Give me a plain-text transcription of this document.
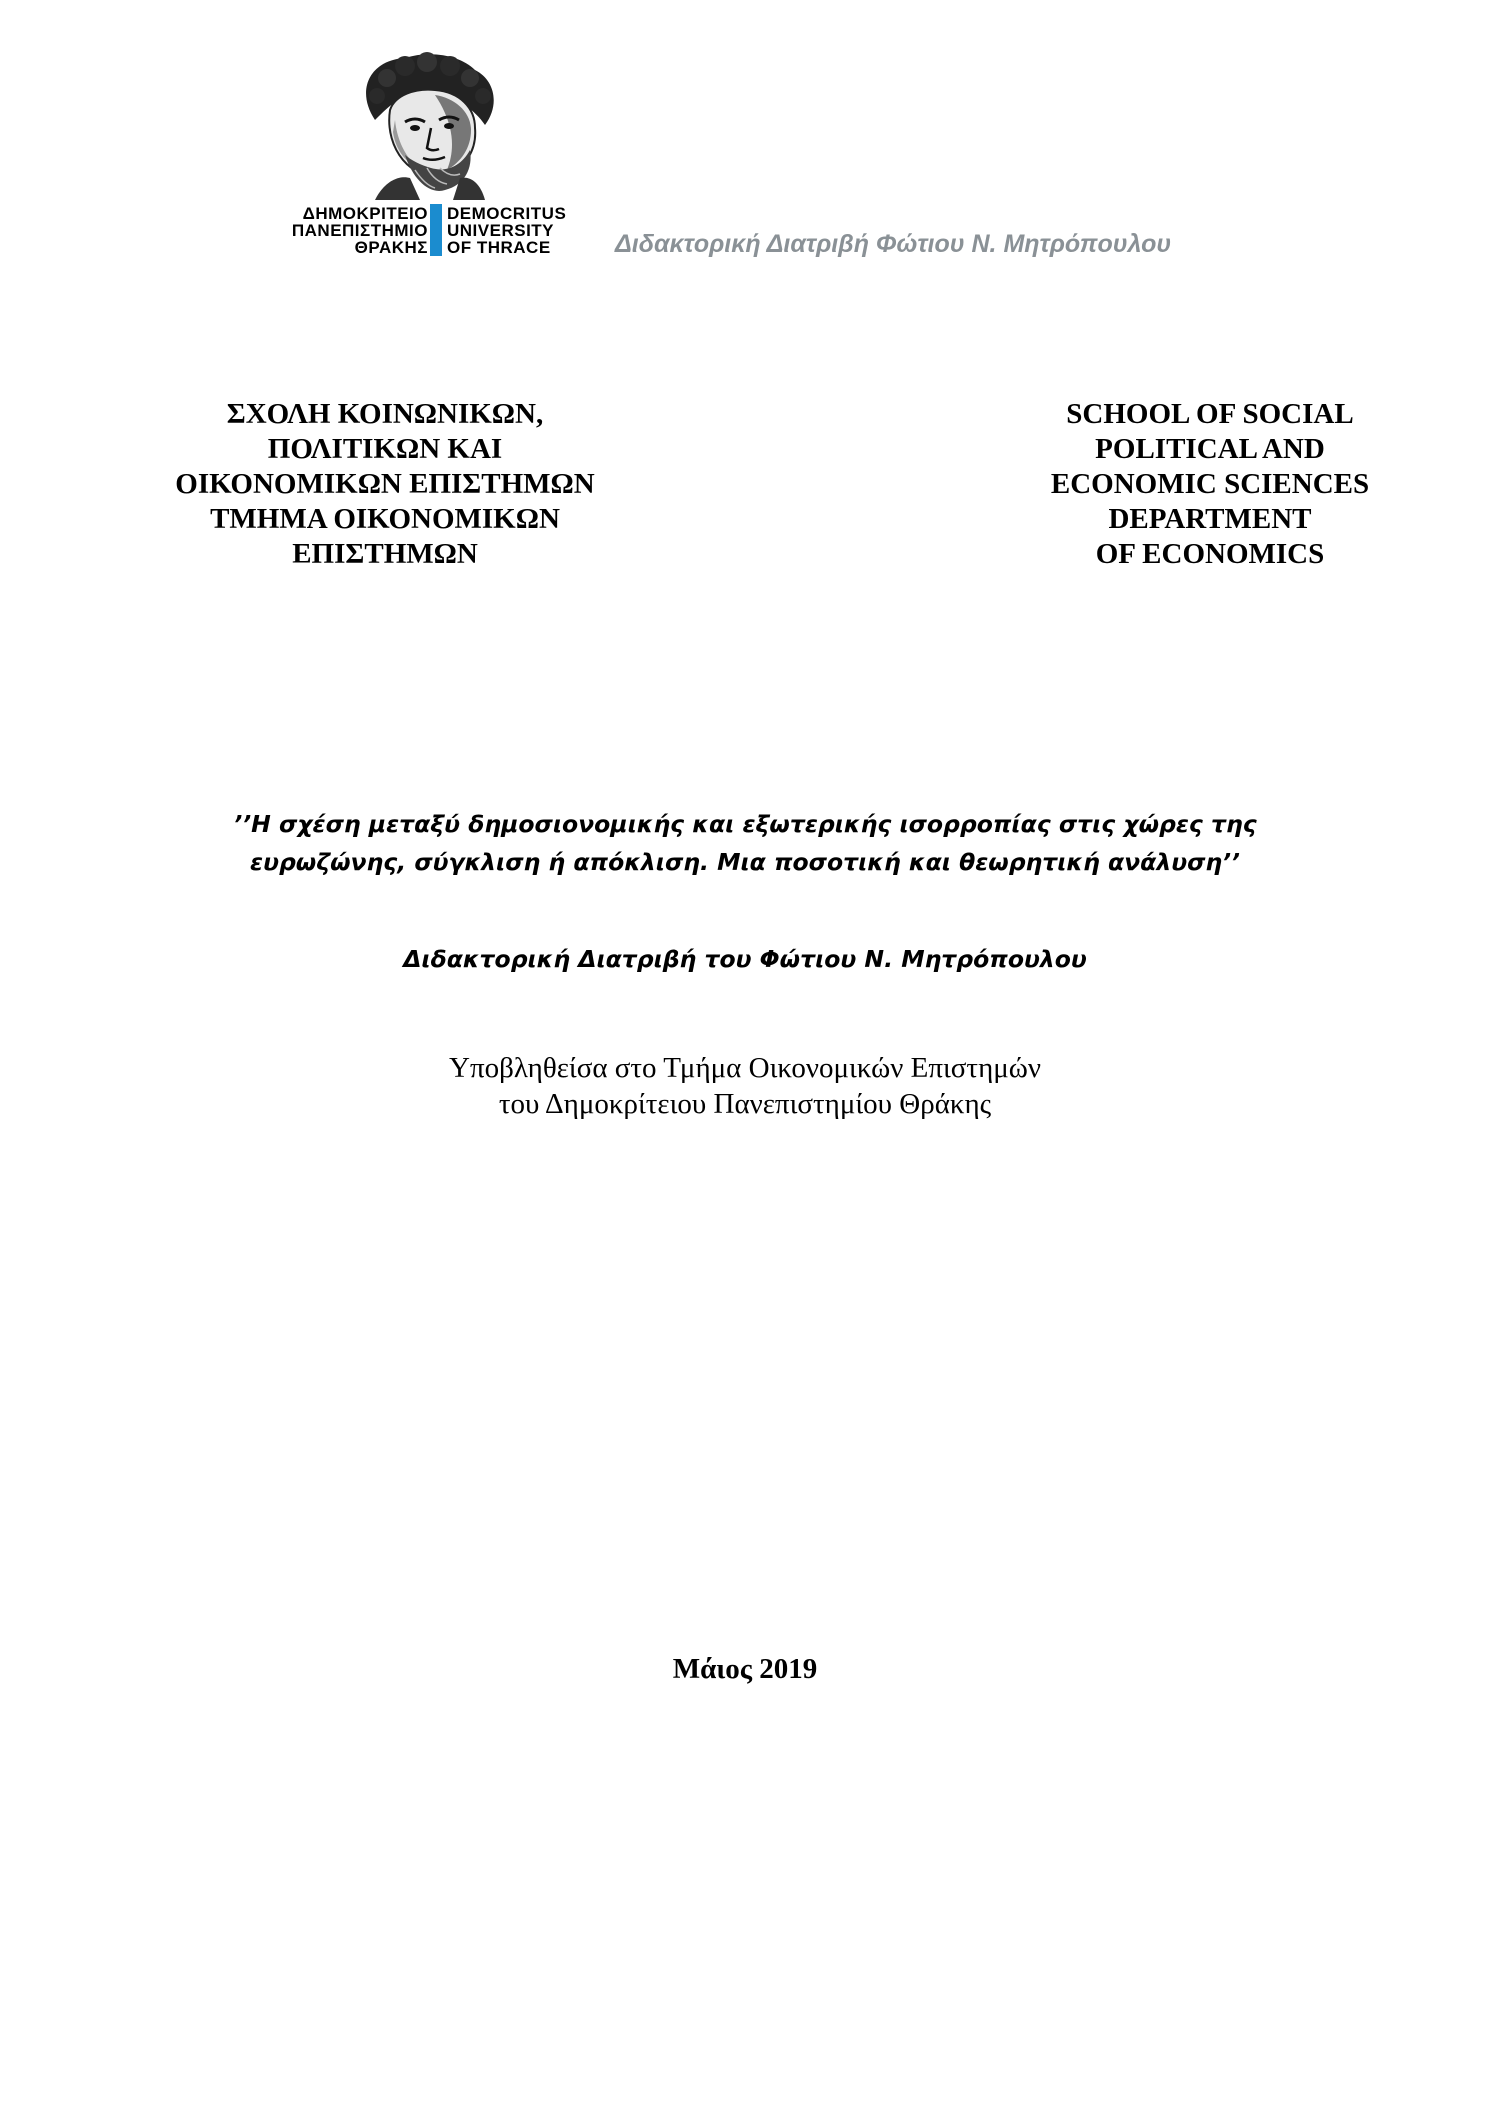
ΔΗΜΟΚΡΙΤΕΙΟ
ΠΑΝΕΠΙΣΤΗΜΙΟ
ΘΡΑΚΗΣ
DEMOCRITUS
UNIVERSITY
OF THRACE	Διδακτορική Διατριβή Φώτιου Ν. Μητρόπουλου
ΣΧΟΛΗ ΚΟΙΝΩΝΙΚΩΝ,
ΠΟΛΙΤΙΚΩΝ ΚΑΙ
ΟΙΚΟΝΟΜΙΚΩΝ ΕΠΙΣΤΗΜΩΝ
ΤΜΗΜΑ ΟΙΚΟΝΟΜΙΚΩΝ
ΕΠΙΣΤΗΜΩΝ
SCHOOL OF SOCIAL
POLITICAL AND
ECONOMIC SCIENCES
DEPARTMENT
OF ECONOMICS
’’Η σχέση μεταξύ δημοσιονομικής και εξωτερικής ισορροπίας στις χώρες της
ευρωζώνης, σύγκλιση ή απόκλιση. Μια ποσοτική και θεωρητική ανάλυση’’
Διδακτορική Διατριβή του Φώτιου Ν. Μητρόπουλου
Υποβληθείσα στο Τμήμα Οικονομικών Επιστημών
του Δημοκρίτειου Πανεπιστημίου Θράκης
Μάιος 2019
